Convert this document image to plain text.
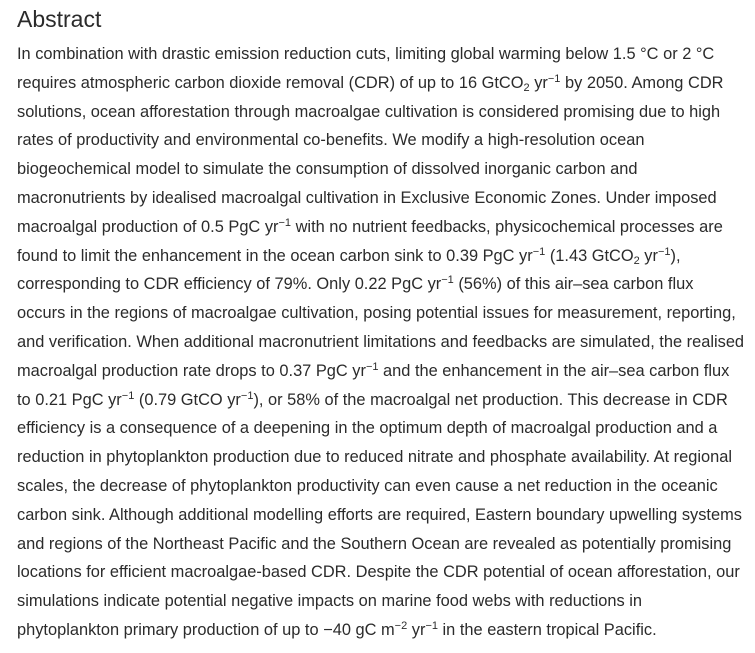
Abstract

In combination with drastic emission reduction cuts, limiting global warming below 1.5 °C or 2 °C
requires atmospheric carbon dioxide removal (CDR) of up to 16 GtCO$_2$ $yr^{-1}$ by 2050. Among CDR
solutions, ocean afforestation through macroalgae cultivation is considered promising due to high
rates of productivity and environmental co-benefits. We modify a high-resolution ocean
biogeochemical model to simulate the consumption of dissolved inorganic carbon and
macronutrients by idealised macroalgal cultivation in Exclusive Economic Zones. Under imposed
macroalgal production of 0.5 PgC $yr^{-1}$ with no nutrient feedbacks, physicochemical processes are
found to limit the enhancement in the ocean carbon sink to 0.39 PgC $yr^{-1}$ (1.43 GtCO$_2$ $yr^{-1}$),
corresponding to CDR efficiency of 79%. Only 0.22 PgC $yr^{-1}$ (56%) of this air–sea carbon flux
occurs in the regions of macroalgae cultivation, posing potential issues for measurement, reporting,
and verification. When additional macronutrient limitations and feedbacks are simulated, the realised
macroalgal production rate drops to 0.37 PgC $yr^{-1}$ and the enhancement in the air–sea carbon flux
to 0.21 PgC $yr^{-1}$ (0.79 GtCO $yr^{-1}$), or 58% of the macroalgal net production. This decrease in CDR
efficiency is a consequence of a deepening in the optimum depth of macroalgal production and a
reduction in phytoplankton production due to reduced nitrate and phosphate availability. At regional
scales, the decrease of phytoplankton productivity can even cause a net reduction in the oceanic
carbon sink. Although additional modelling efforts are required, Eastern boundary upwelling systems
and regions of the Northeast Pacific and the Southern Ocean are revealed as potentially promising
locations for efficient macroalgae-based CDR. Despite the CDR potential of ocean afforestation, our
simulations indicate potential negative impacts on marine food webs with reductions in
phytoplankton primary production of up to −40 gC $m^{-2}$ $yr^{-1}$ in the eastern tropical Pacific.
